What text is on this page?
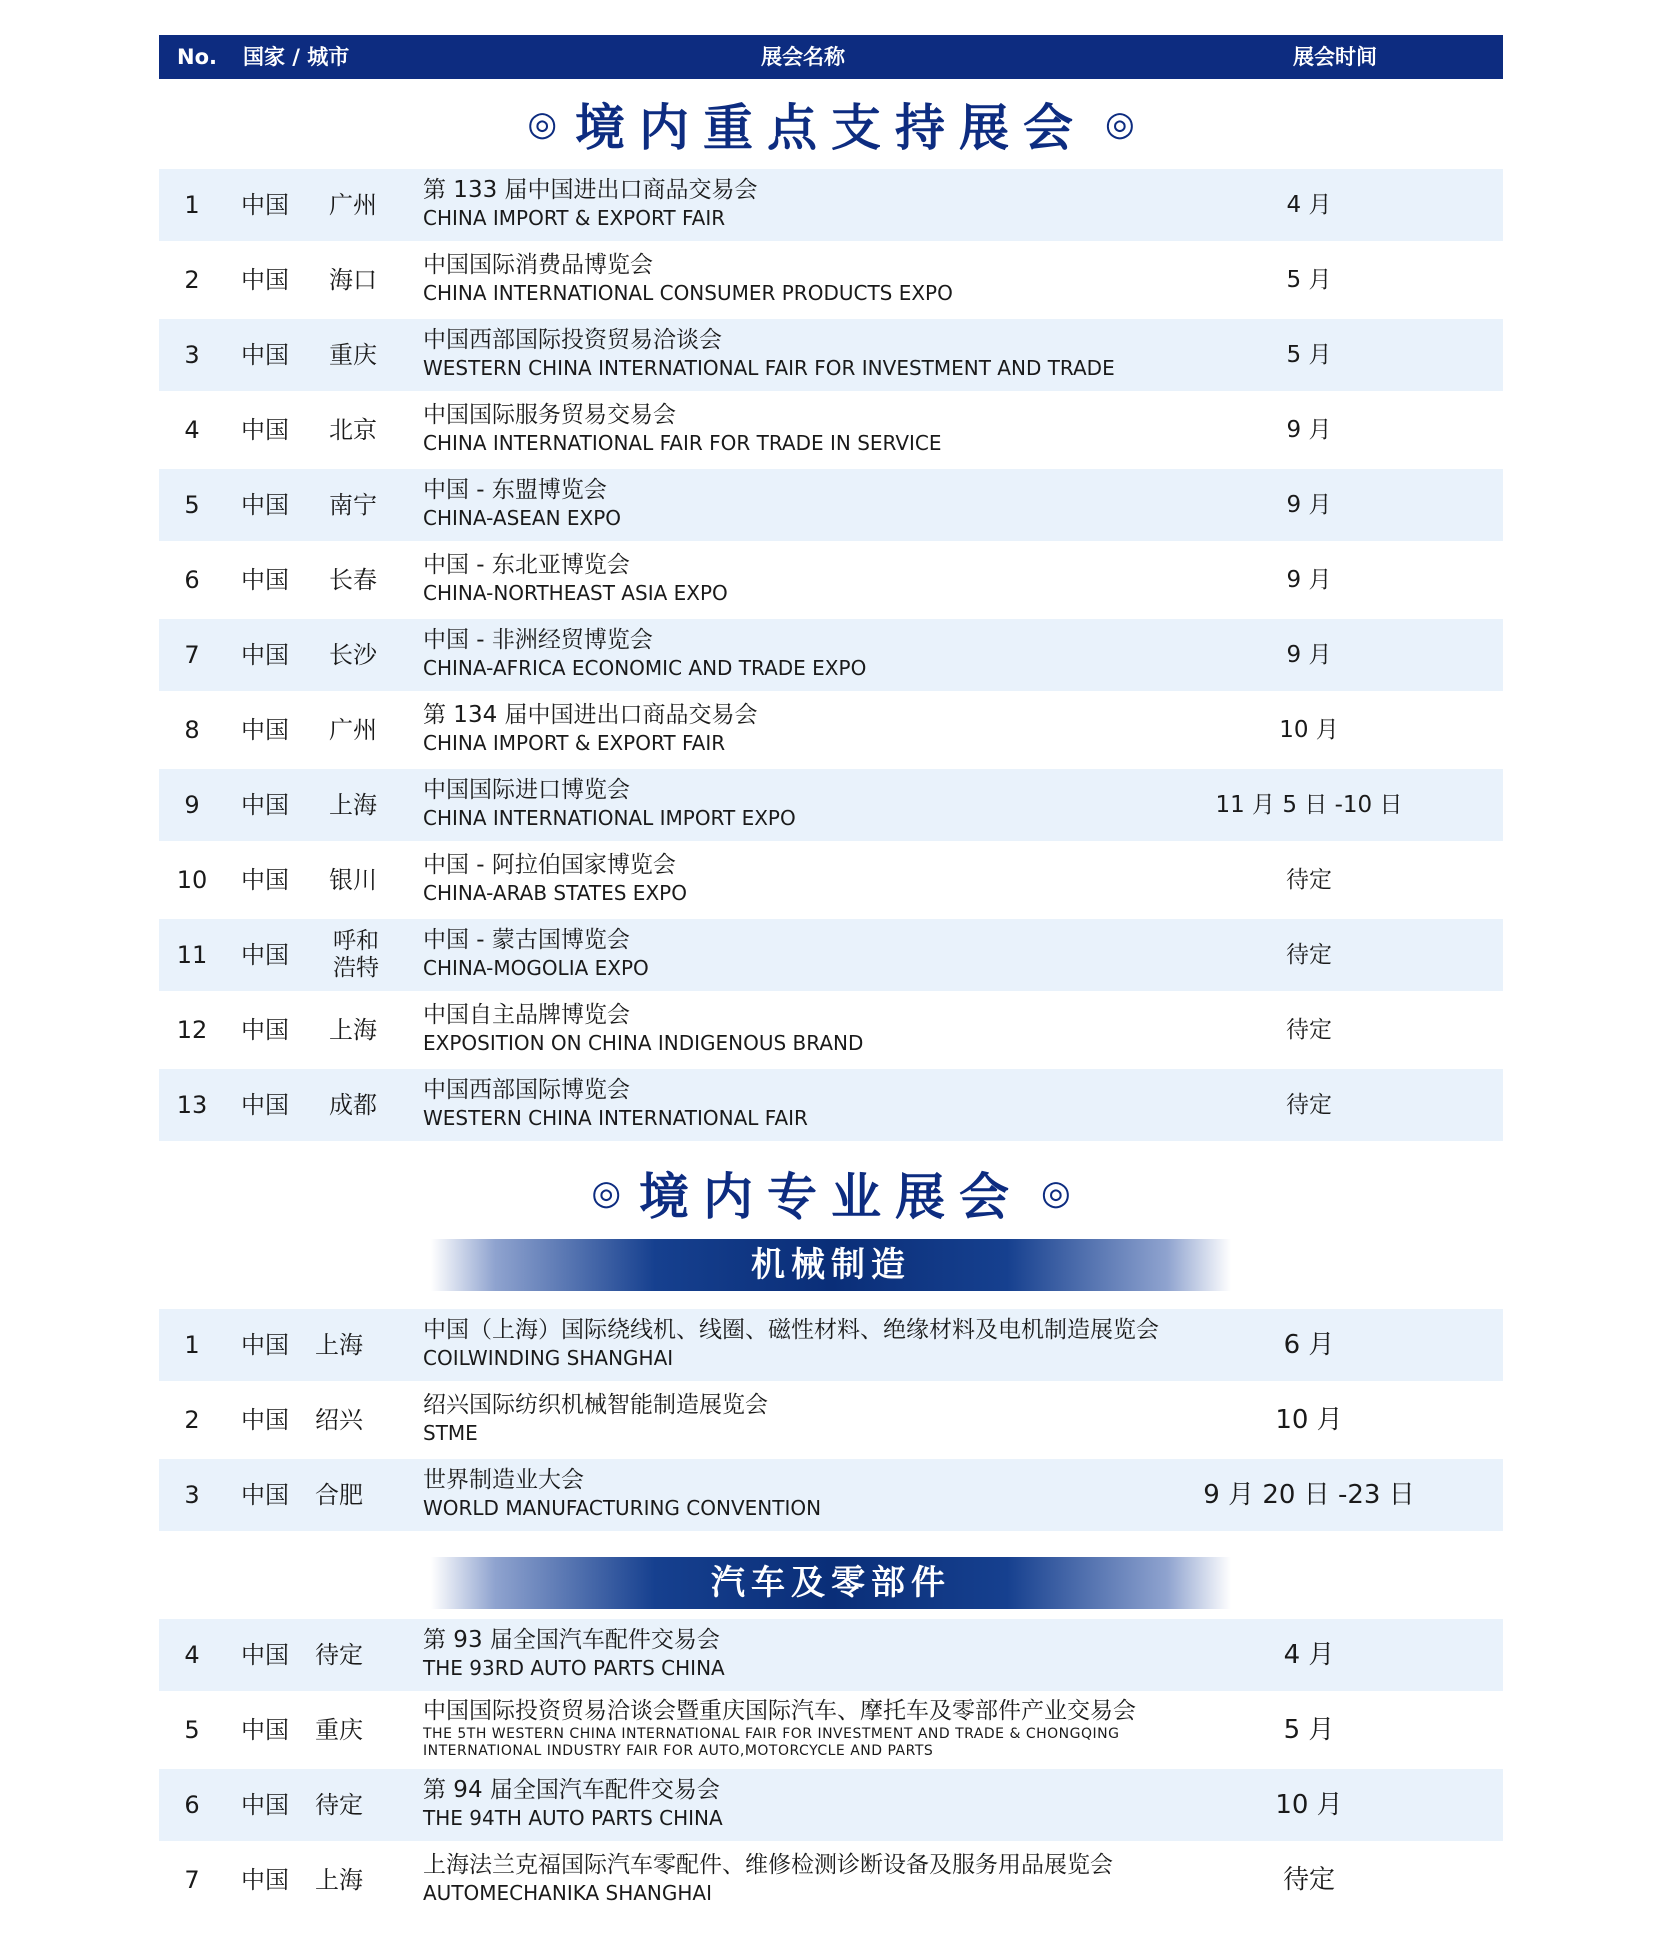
No. 国家 / 城市	展会名称	展会时间
◎ 境内重点支持展会 ◎
1	中国 广州
第 133 届中国进出口商品交易会
CHINA IMPORT & EXPORT FAIR	4 月
2	中国 海口
中国国际消费品博览会
CHINA INTERNATIONAL CONSUMER PRODUCTS EXPO	5 月
3	中国 重庆
中国西部国际投资贸易洽谈会
WESTERN CHINA INTERNATIONAL FAIR FOR INVESTMENT AND TRADE	5 月
4	中国 北京
中国国际服务贸易交易会
CHINA INTERNATIONAL FAIR FOR TRADE IN SERVICE	9 月
5	中国 南宁
中国 - 东盟博览会
CHINA-ASEAN EXPO	9 月
6	中国 长春
中国 - 东北亚博览会
CHINA-NORTHEAST ASIA EXPO	9 月
7	中国 长沙
中国 - 非洲经贸博览会
CHINA-AFRICA ECONOMIC AND TRADE EXPO	9 月
8	中国 广州
第 134 届中国进出口商品交易会
CHINA IMPORT & EXPORT FAIR	10 月
9	中国 上海
中国国际进口博览会
CHINA INTERNATIONAL IMPORT EXPO	11 月 5 日 -10 日
10	中国 银川
中国 - 阿拉伯国家博览会
CHINA-ARAB STATES EXPO	待定
11	中国 呼和
浩特
中国 - 蒙古国博览会
CHINA-MOGOLIA EXPO	待定
12	中国 上海
中国自主品牌博览会
EXPOSITION ON CHINA INDIGENOUS BRAND	待定
13	中国 成都
中国西部国际博览会
WESTERN CHINA INTERNATIONAL FAIR	待定
◎ 境内专业展会 ◎
机械制造
1	中国 上海
中国（上海）国际绕线机、线圈、磁性材料、绝缘材料及电机制造展览会
COILWINDING SHANGHAI	6 月
2	中国 绍兴
绍兴国际纺织机械智能制造展览会
STME	10 月
3	中国 合肥
世界制造业大会
WORLD MANUFACTURING CONVENTION	9 月 20 日 -23 日
汽车及零部件
4	中国 待定
第 93 届全国汽车配件交易会
THE 93RD AUTO PARTS CHINA	4 月
5	中国 重庆
中国国际投资贸易洽谈会暨重庆国际汽车、摩托车及零部件产业交易会
THE 5TH WESTERN CHINA INTERNATIONAL FAIR FOR INVESTMENT AND TRADE & CHONGQING
INTERNATIONAL INDUSTRY FAIR FOR AUTO,MOTORCYCLE AND PARTS
5 月
6	中国 待定
第 94 届全国汽车配件交易会
THE 94TH AUTO PARTS CHINA	10 月
7	中国 上海
上海法兰克福国际汽车零配件、维修检测诊断设备及服务用品展览会
AUTOMECHANIKA SHANGHAI	待定
